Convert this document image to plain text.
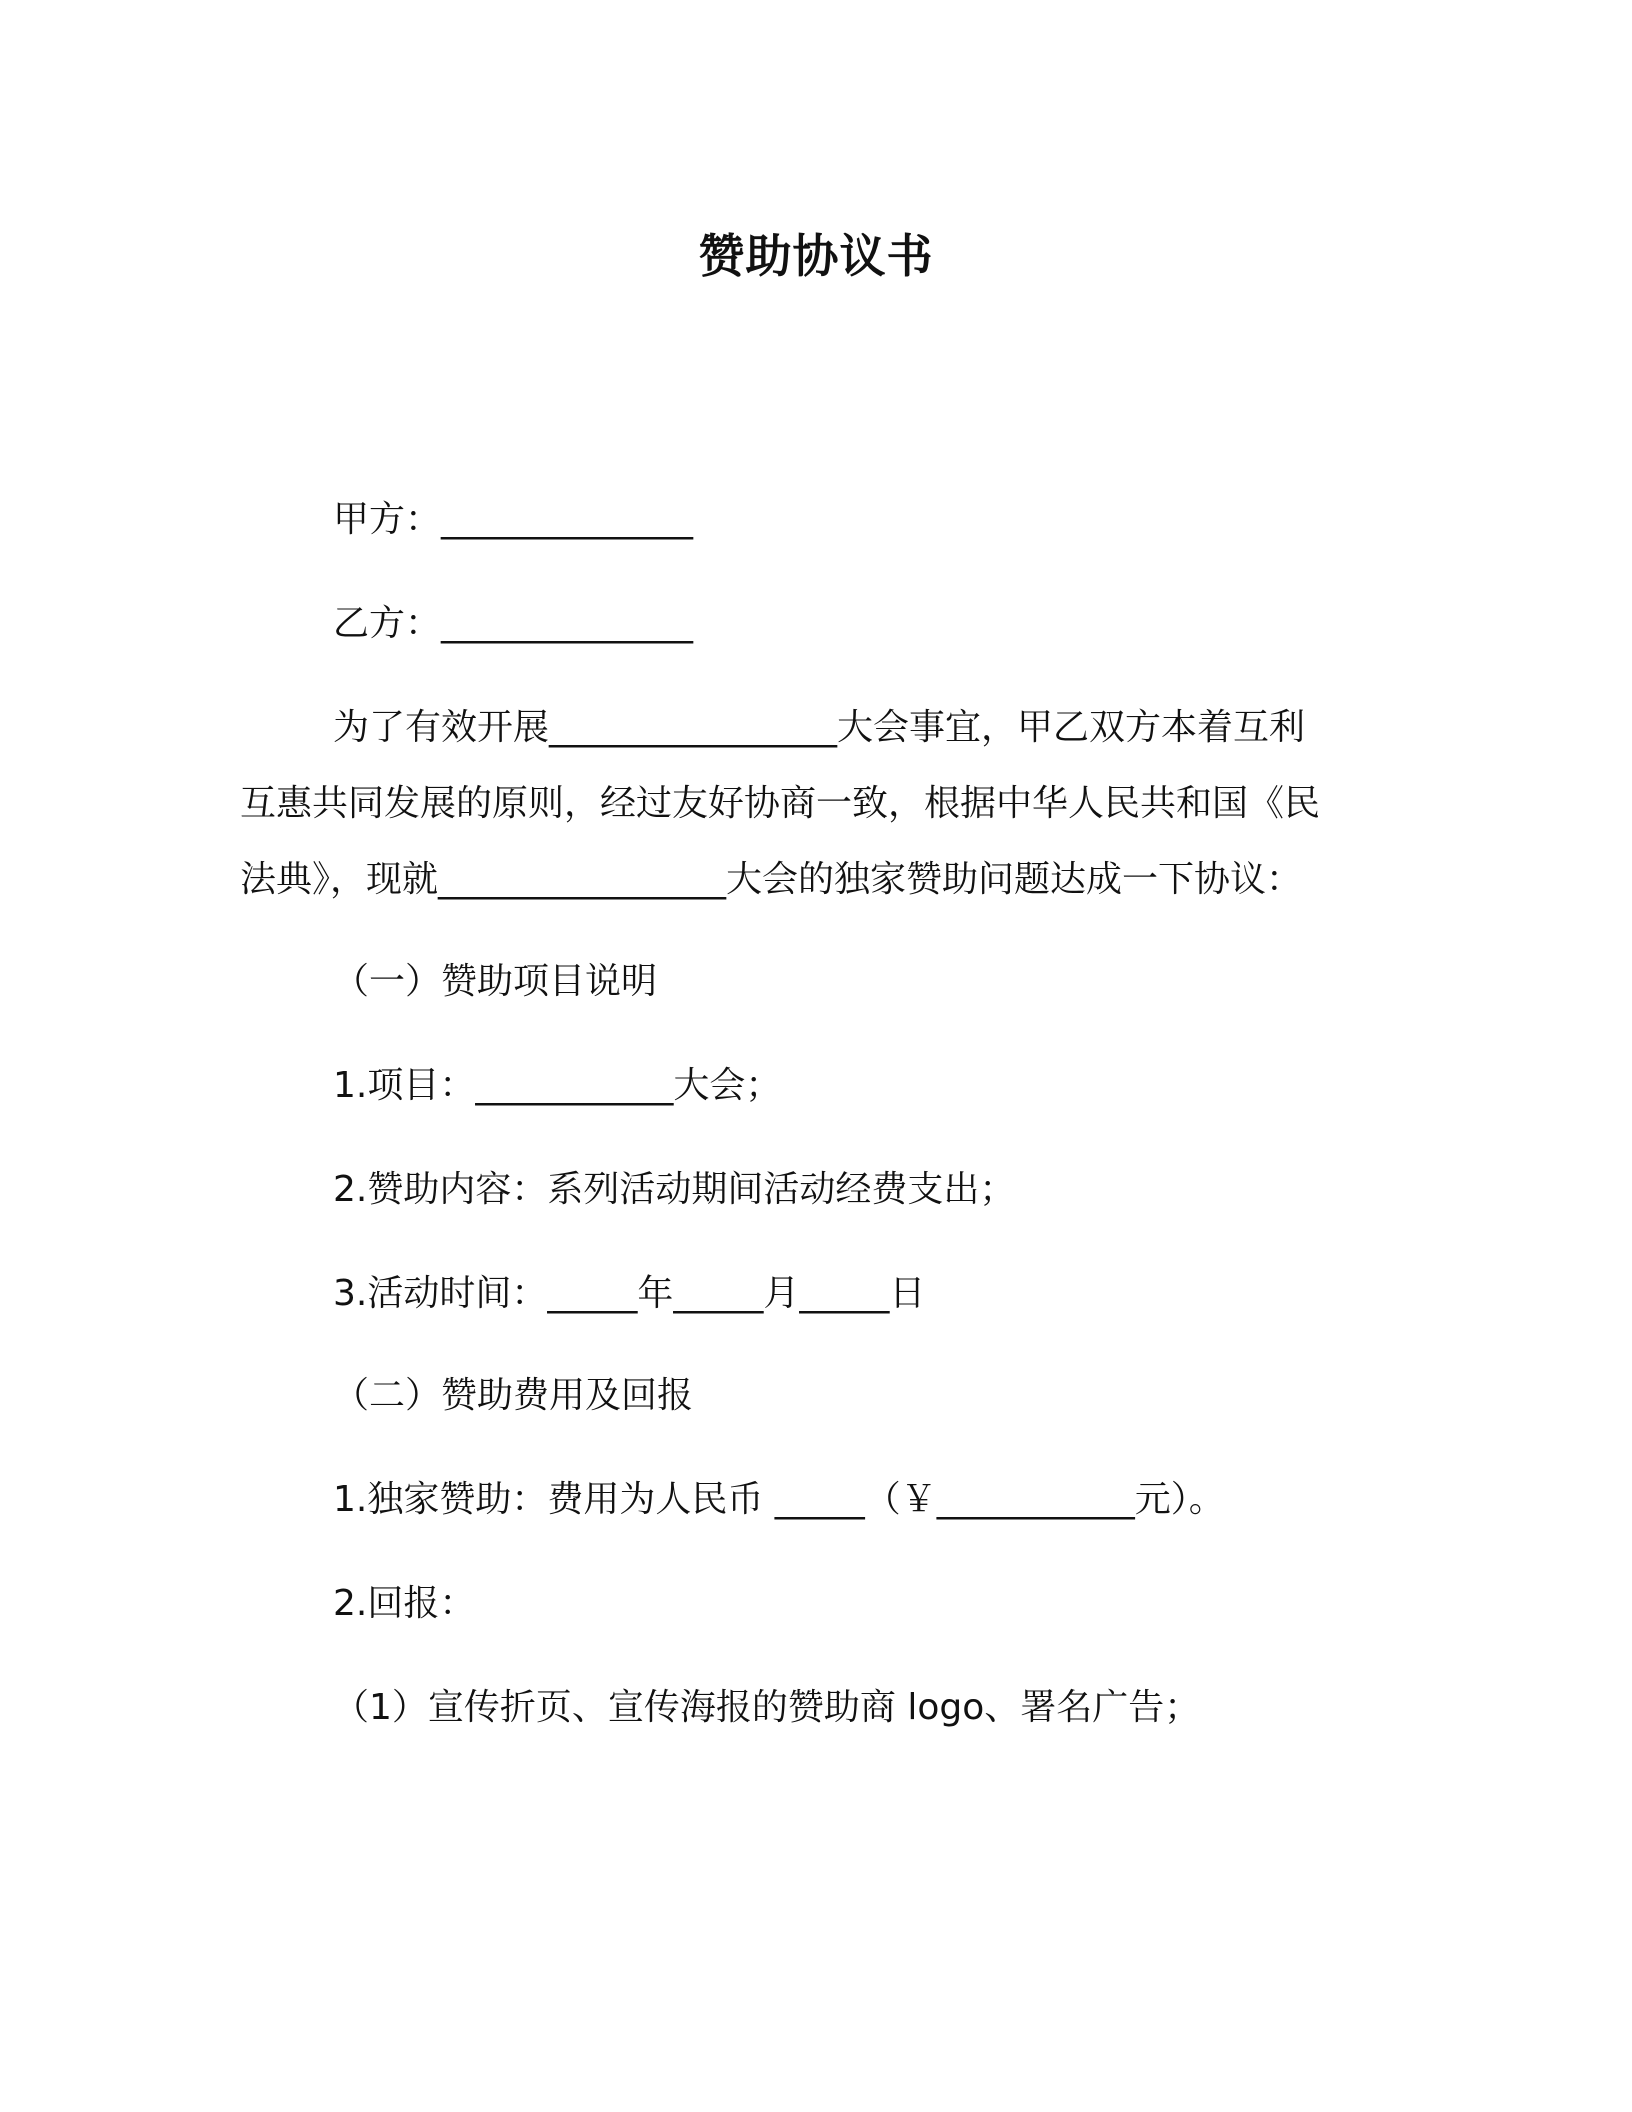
赞助协议书
甲方：______________
乙方：______________
为了有效开展________________大会事宜，甲乙双方本着互利
互惠共同发展的原则，经过友好协商一致，根据中华人民共和国《民
法典》，现就________________大会的独家赞助问题达成一下协议：
（一）赞助项目说明
1.项目：___________大会；
2.赞助内容：系列活动期间活动经费支出；
3.活动时间：_____年_____月_____日
（二）赞助费用及回报
1.独家赞助：费用为人民币 _____（￥___________元）。
2.回报：
（1）宣传折页、宣传海报的赞助商 logo、署名广告；
